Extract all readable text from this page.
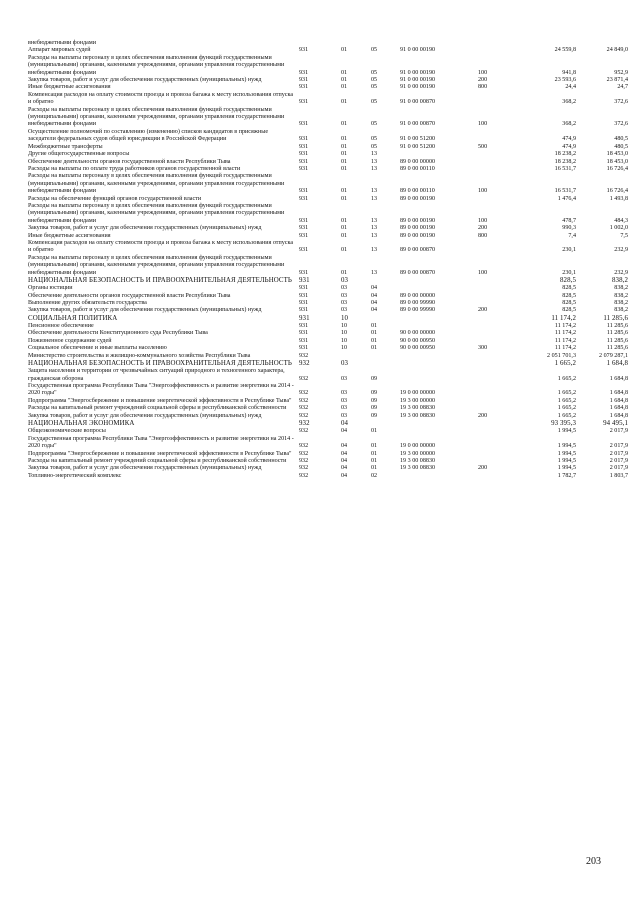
внебюджетными фондами
Аппарат мировых судей	931	01	05	91 0 00 00190	24 559,8	24 849,0
Расходы на выплаты персоналу в целях обеспечения выполнения функций государственными (муниципальными) органами, казенными учреждениями, органами управления государственными внебюджетными фондами	931	01	05	91 0 00 00190	100	941,8	952,9
Закупка товаров, работ и услуг для обеспечения государственных (муниципальных) нужд	931	01	05	91 0 00 00190	200	23 593,6	23 871,4
Иные бюджетные ассигнования	931	01	05	91 0 00 00190	800	24,4	24,7
Компенсация расходов на оплату стоимости проезда и провоза багажа к месту использования отпуска и обратно	931	01	05	91 0 00 00870	368,2	372,6
Расходы на выплаты персоналу в целях обеспечения выполнения функций государственными (муниципальными) органами, казенными учреждениями, органами управления государственными внебюджетными фондами	931	01	05	91 0 00 00870	100	368,2	372,6
Осуществление полномочий по составлению (изменению) списков кандидатов в присяжные заседатели федеральных судов общей юрисдикции в Российской Федерации	931	01	05	91 0 00 51200	474,9	480,5
Межбюджетные трансферты	931	01	05	91 0 00 51200	500	474,9	480,5
Другие общегосударственные вопросы	931	01	13	18 238,2	18 453,0
Обеспечение деятельности органов государственной власти Республики Тыва	931	01	13	89 0 00 00000	18 238,2	18 453,0
Расходы на выплаты по оплате труда работников органов государственной власти	931	01	13	89 0 00 00110	16 531,7	16 726,4
Расходы на выплаты персоналу в целях обеспечения выполнения функций государственными (муниципальными) органами, казенными учреждениями, органами управления государственными внебюджетными фондами	931	01	13	89 0 00 00110	100	16 531,7	16 726,4
Расходы на обеспечение функций органов государственной власти	931	01	13	89 0 00 00190	1 476,4	1 493,8
Расходы на выплаты персоналу в целях обеспечения выполнения функций государственными (муниципальными) органами, казенными учреждениями, органами управления государственными внебюджетными фондами	931	01	13	89 0 00 00190	100	478,7	484,3
Закупка товаров, работ и услуг для обеспечения государственных (муниципальных) нужд	931	01	13	89 0 00 00190	200	990,3	1 002,0
Иные бюджетные ассигнования	931	01	13	89 0 00 00190	800	7,4	7,5
Компенсация расходов на оплату стоимости проезда и провоза багажа к месту использования отпуска и обратно	931	01	13	89 0 00 00870	230,1	232,9
Расходы на выплаты персоналу в целях обеспечения выполнения функций государственными (муниципальными) органами, казенными учреждениями, органами управления государственными внебюджетными фондами	931	01	13	89 0 00 00870	100	230,1	232,9
НАЦИОНАЛЬНАЯ БЕЗОПАСНОСТЬ И ПРАВООХРАНИТЕЛЬНАЯ ДЕЯТЕЛЬНОСТЬ	931	03	828,5	838,2
Органы юстиции	931	03	04	828,5	838,2
Обеспечение деятельности органов государственной власти Республики Тыва	931	03	04	89 0 00 00000	828,5	838,2
Выполнение других обязательств государства	931	03	04	89 0 00 99990	828,5	838,2
Закупка товаров, работ и услуг для обеспечения государственных (муниципальных) нужд	931	03	04	89 0 00 99990	200	828,5	838,2
СОЦИАЛЬНАЯ ПОЛИТИКА	931	10	11 174,2	11 285,6
Пенсионное обеспечение	931	10	01	11 174,2	11 285,6
Обеспечение деятельности Конституционного суда Республики Тыва	931	10	01	90 0 00 00000	11 174,2	11 285,6
Пожизненное содержание судей	931	10	01	90 0 00 00950	11 174,2	11 285,6
Социальное обеспечение и иные выплаты населению	931	10	01	90 0 00 00950	300	11 174,2	11 285,6
Министерство строительства и жилищно-коммунального хозяйства Республики Тыва	932	2 051 701,3	2 079 287,1
НАЦИОНАЛЬНАЯ БЕЗОПАСНОСТЬ И ПРАВООХРАНИТЕЛЬНАЯ ДЕЯТЕЛЬНОСТЬ	932	03	1 665,2	1 684,8
Защита населения и территории от чрезвычайных ситуаций природного и техногенного характера, гражданская оборона	932	03	09	1 665,2	1 684,8
Государственная программа Республики Тыва "Энергоэффективность и развитие энергетики на 2014 - 2020 годы"	932	03	09	19 0 00 00000	1 665,2	1 684,8
Подпрограмма "Энергосбережение и повышение энергетической эффективности в Республике Тыва"	932	03	09	19 3 00 00000	1 665,2	1 684,8
Расходы на капитальный ремонт учреждений социальной сферы и республиканской собственности	932	03	09	19 3 00 08830	1 665,2	1 684,8
Закупка товаров, работ и услуг для обеспечения государственных (муниципальных) нужд	932	03	09	19 3 00 08830	200	1 665,2	1 684,8
НАЦИОНАЛЬНАЯ ЭКОНОМИКА	932	04	93 395,3	94 495,1
Общеэкономические вопросы	932	04	01	1 994,5	2 017,9
Государственная программа Республики Тыва "Энергоэффективность и развитие энергетики на 2014 - 2020 годы"	932	04	01	19 0 00 00000	1 994,5	2 017,9
Подпрограмма "Энергосбережение и повышение энергетической эффективности в Республике Тыва"	932	04	01	19 3 00 00000	1 994,5	2 017,9
Расходы на капитальный ремонт учреждений социальной сферы и республиканской собственности	932	04	01	19 3 00 08830	1 994,5	2 017,9
Закупка товаров, работ и услуг для обеспечения государственных (муниципальных) нужд	932	04	01	19 3 00 08830	200	1 994,5	2 017,9
Топливно-энергетический комплекс	932	04	02	1 782,7	1 803,7
203
